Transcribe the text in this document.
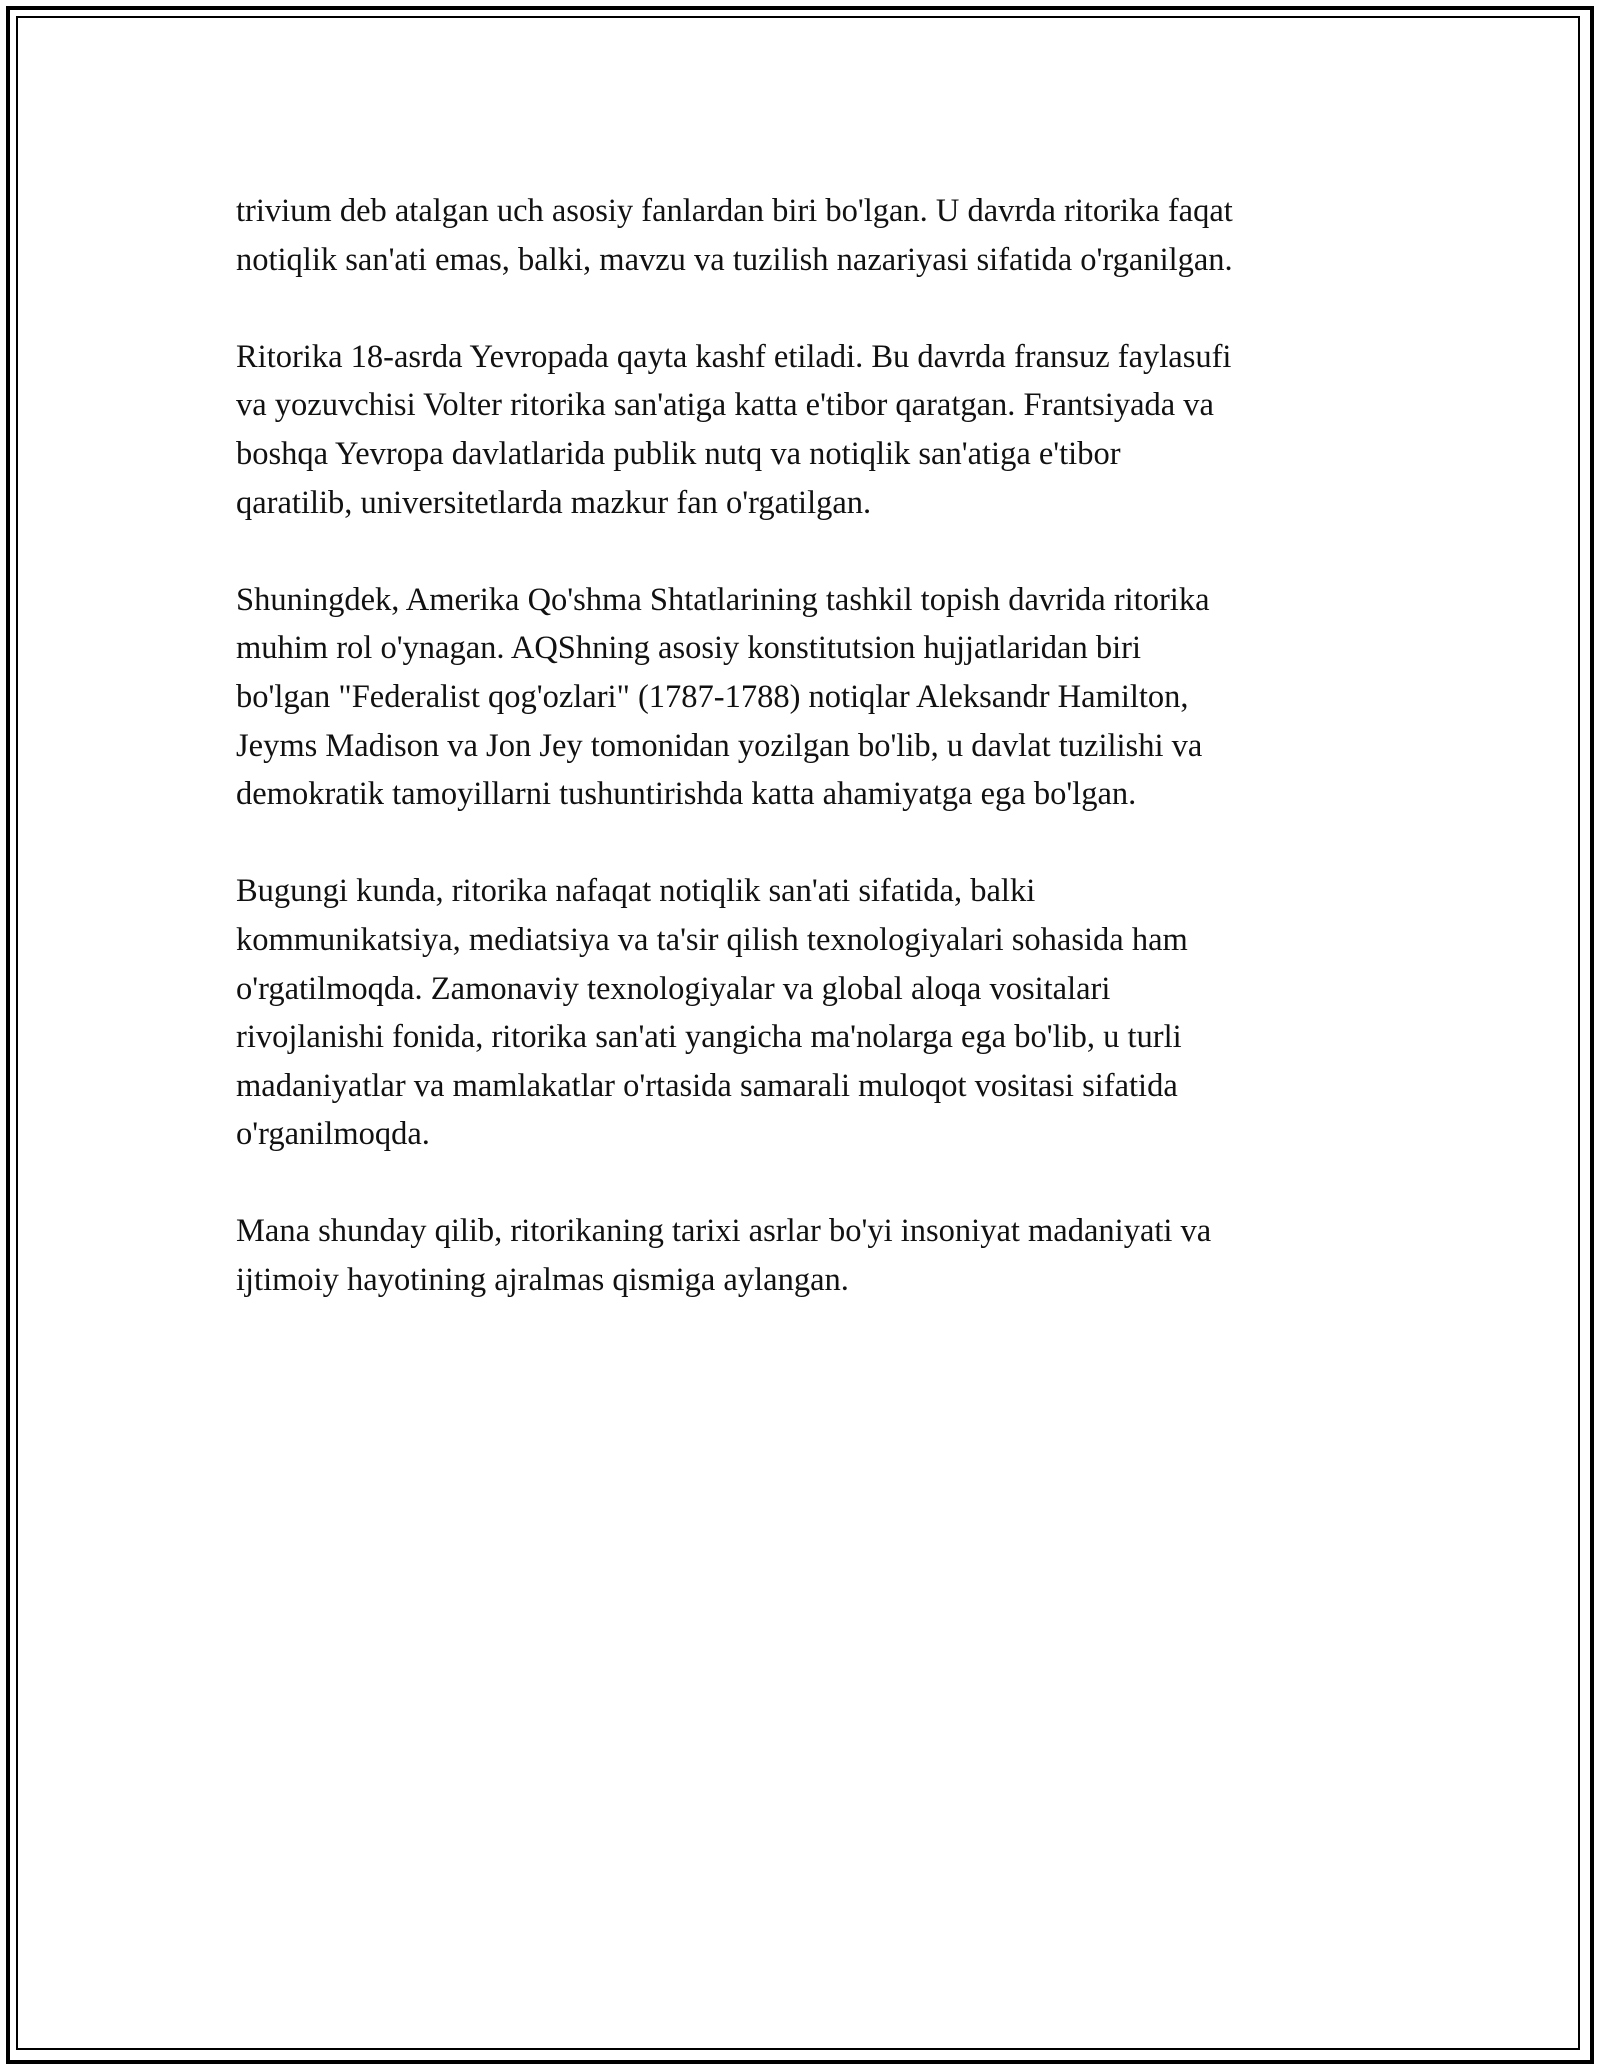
trivium deb atalgan uch asosiy fanlardan biri bo'lgan. U davrda ritorika faqat
notiqlik san'ati emas, balki, mavzu va tuzilish nazariyasi sifatida o'rganilgan.

Ritorika 18-asrda Yevropada qayta kashf etiladi. Bu davrda fransuz faylasufi
va yozuvchisi Volter ritorika san'atiga katta e'tibor qaratgan. Frantsiyada va
boshqa Yevropa davlatlarida publik nutq va notiqlik san'atiga e'tibor
qaratilib, universitetlarda mazkur fan o'rgatilgan.

Shuningdek, Amerika Qo'shma Shtatlarining tashkil topish davrida ritorika
muhim rol o'ynagan. AQShning asosiy konstitutsion hujjatlaridan biri
bo'lgan "Federalist qog'ozlari" (1787-1788) notiqlar Aleksandr Hamilton,
Jeyms Madison va Jon Jey tomonidan yozilgan bo'lib, u davlat tuzilishi va
demokratik tamoyillarni tushuntirishda katta ahamiyatga ega bo'lgan.

Bugungi kunda, ritorika nafaqat notiqlik san'ati sifatida, balki
kommunikatsiya, mediatsiya va ta'sir qilish texnologiyalari sohasida ham
o'rgatilmoqda. Zamonaviy texnologiyalar va global aloqa vositalari
rivojlanishi fonida, ritorika san'ati yangicha ma'nolarga ega bo'lib, u turli
madaniyatlar va mamlakatlar o'rtasida samarali muloqot vositasi sifatida
o'rganilmoqda.

Mana shunday qilib, ritorikaning tarixi asrlar bo'yi insoniyat madaniyati va
ijtimoiy hayotining ajralmas qismiga aylangan.
